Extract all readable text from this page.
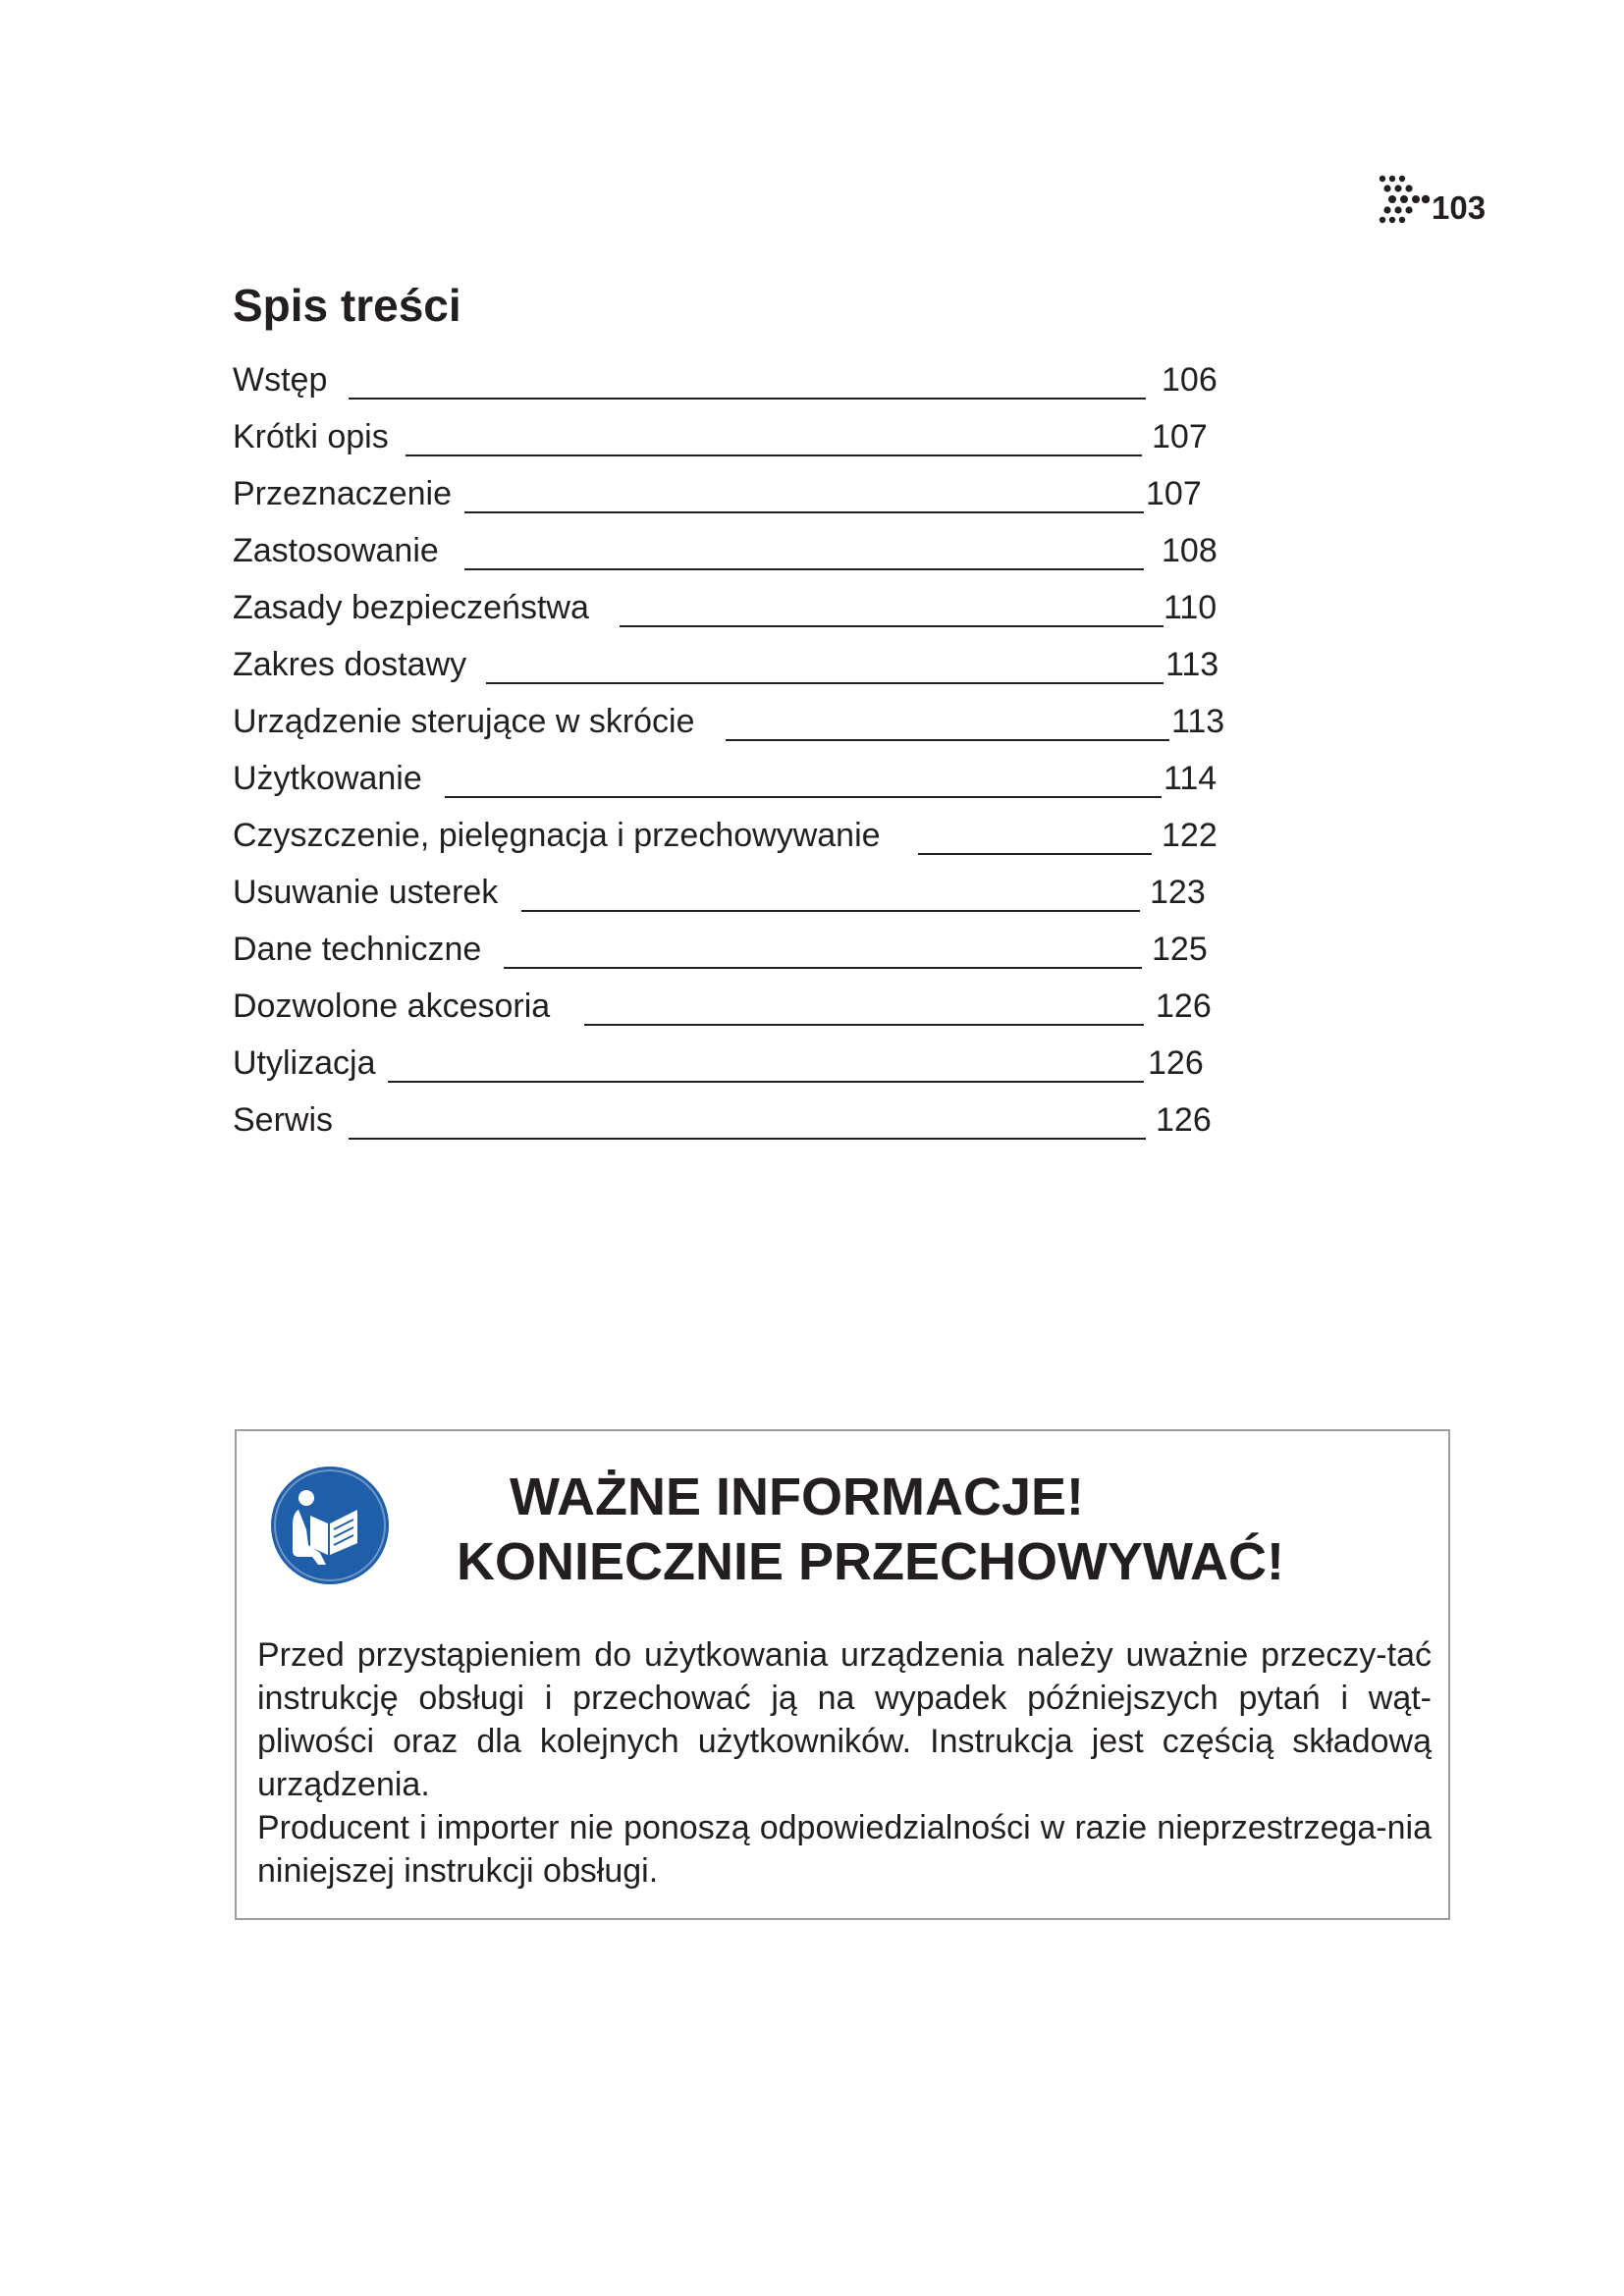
103
Spis treści
Wstęp	106
Krótki opis	107
Przeznaczenie	107
Zastosowanie	108
Zasady bezpieczeństwa	110
Zakres dostawy	113
Urządzenie sterujące w skrócie	113
Użytkowanie	114
Czyszczenie, pielęgnacja i przechowywanie	122
Usuwanie usterek	123
Dane techniczne	125
Dozwolone akcesoria	126
Utylizacja	126
Serwis	126
WAŻNE INFORMACJE!
KONIECZNIE PRZECHOWYWAĆ!

Przed przystąpieniem do użytkowania urządzenia należy uważnie przeczy-tać instrukcję obsługi i przechować ją na wypadek późniejszych pytań i wąt-pliwości oraz dla kolejnych użytkowników. Instrukcja jest częścią składową urządzenia.

Producent i importer nie ponoszą odpowiedzialności w razie nieprzestrzega-nia niniejszej instrukcji obsługi.
